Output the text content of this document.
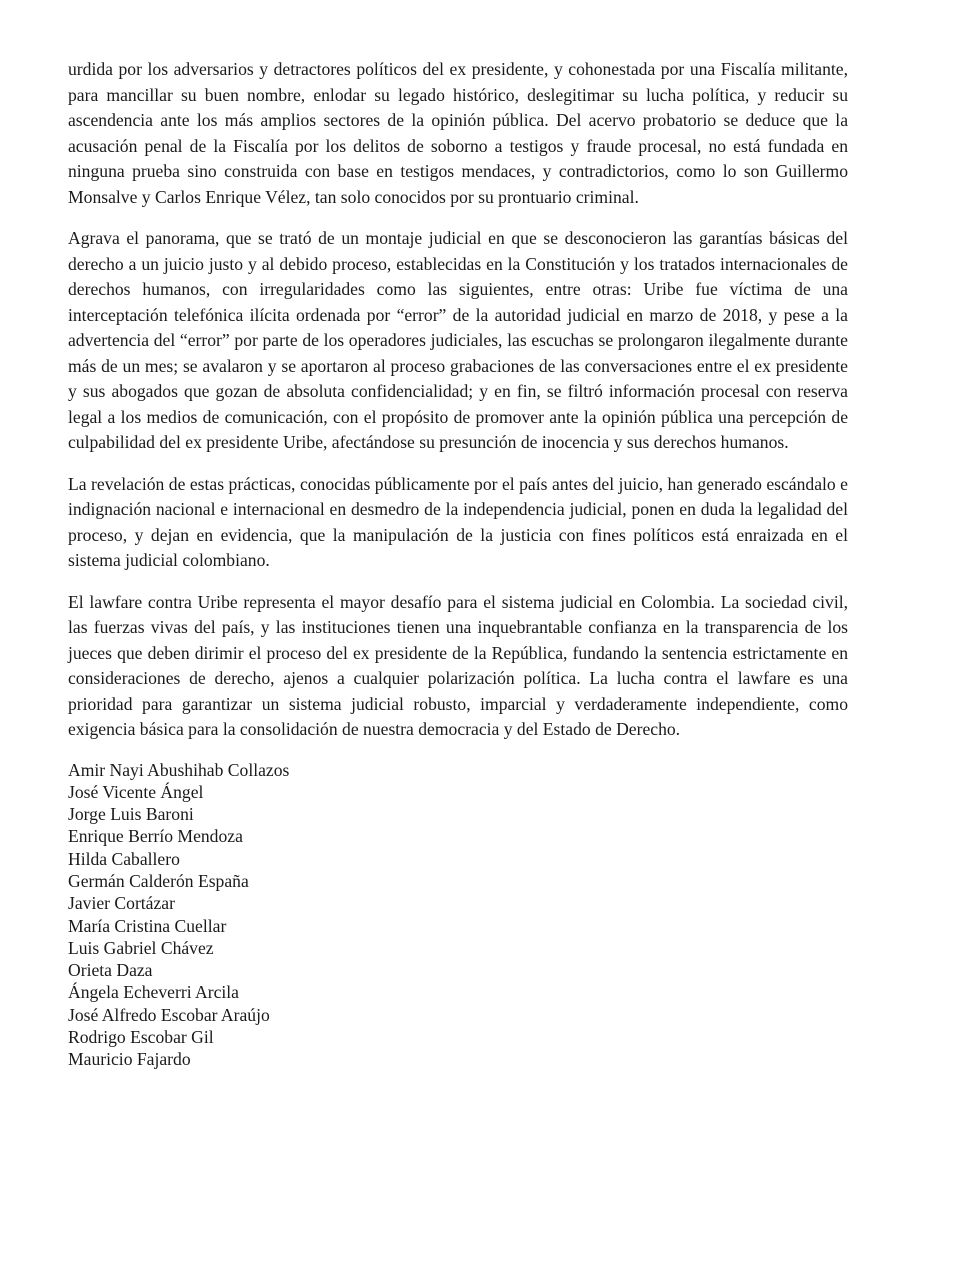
urdida por los adversarios y detractores políticos del ex presidente, y cohonestada por una Fiscalía militante, para mancillar su buen nombre, enlodar su legado histórico, deslegitimar su lucha política, y reducir su ascendencia ante los más amplios sectores de la opinión pública. Del acervo probatorio se deduce que la acusación penal de la Fiscalía por los delitos de soborno a testigos y fraude procesal, no está fundada en ninguna prueba sino construida con base en testigos mendaces, y contradictorios, como lo son Guillermo Monsalve y Carlos Enrique Vélez, tan solo conocidos por su prontuario criminal.

Agrava el panorama, que se trató de un montaje judicial en que se desconocieron las garantías básicas del derecho a un juicio justo y al debido proceso, establecidas en la Constitución y los tratados internacionales de derechos humanos, con irregularidades como las siguientes, entre otras: Uribe fue víctima de una interceptación telefónica ilícita ordenada por “error” de la autoridad judicial en marzo de 2018, y pese a la advertencia del “error” por parte de los operadores judiciales, las escuchas se prolongaron ilegalmente durante más de un mes; se avalaron y se aportaron al proceso grabaciones de las conversaciones entre el ex presidente y sus abogados que gozan de absoluta confidencialidad; y en fin, se filtró información procesal con reserva legal a los medios de comunicación, con el propósito de promover ante la opinión pública una percepción de culpabilidad del ex presidente Uribe, afectándose su presunción de inocencia y sus derechos humanos.

La revelación de estas prácticas, conocidas públicamente por el país antes del juicio, han generado escándalo e indignación nacional e internacional en desmedro de la independencia judicial, ponen en duda la legalidad del proceso, y dejan en evidencia, que la manipulación de la justicia con fines políticos está enraizada en el sistema judicial colombiano.

El lawfare contra Uribe representa el mayor desafío para el sistema judicial en Colombia. La sociedad civil, las fuerzas vivas del país, y las instituciones tienen una inquebrantable confianza en la transparencia de los jueces que deben dirimir el proceso del ex presidente de la República, fundando la sentencia estrictamente en consideraciones de derecho, ajenos a cualquier polarización política. La lucha contra el lawfare es una prioridad para garantizar un sistema judicial robusto, imparcial y verdaderamente independiente, como exigencia básica para la consolidación de nuestra democracia y del Estado de Derecho.

Amir Nayi Abushihab Collazos
José Vicente Ángel
Jorge Luis Baroni
Enrique Berrío Mendoza
Hilda Caballero
Germán Calderón España
Javier Cortázar
María Cristina Cuellar
Luis Gabriel Chávez
Orieta Daza
Ángela Echeverri Arcila
José Alfredo Escobar Araújo
Rodrigo Escobar Gil
Mauricio Fajardo
